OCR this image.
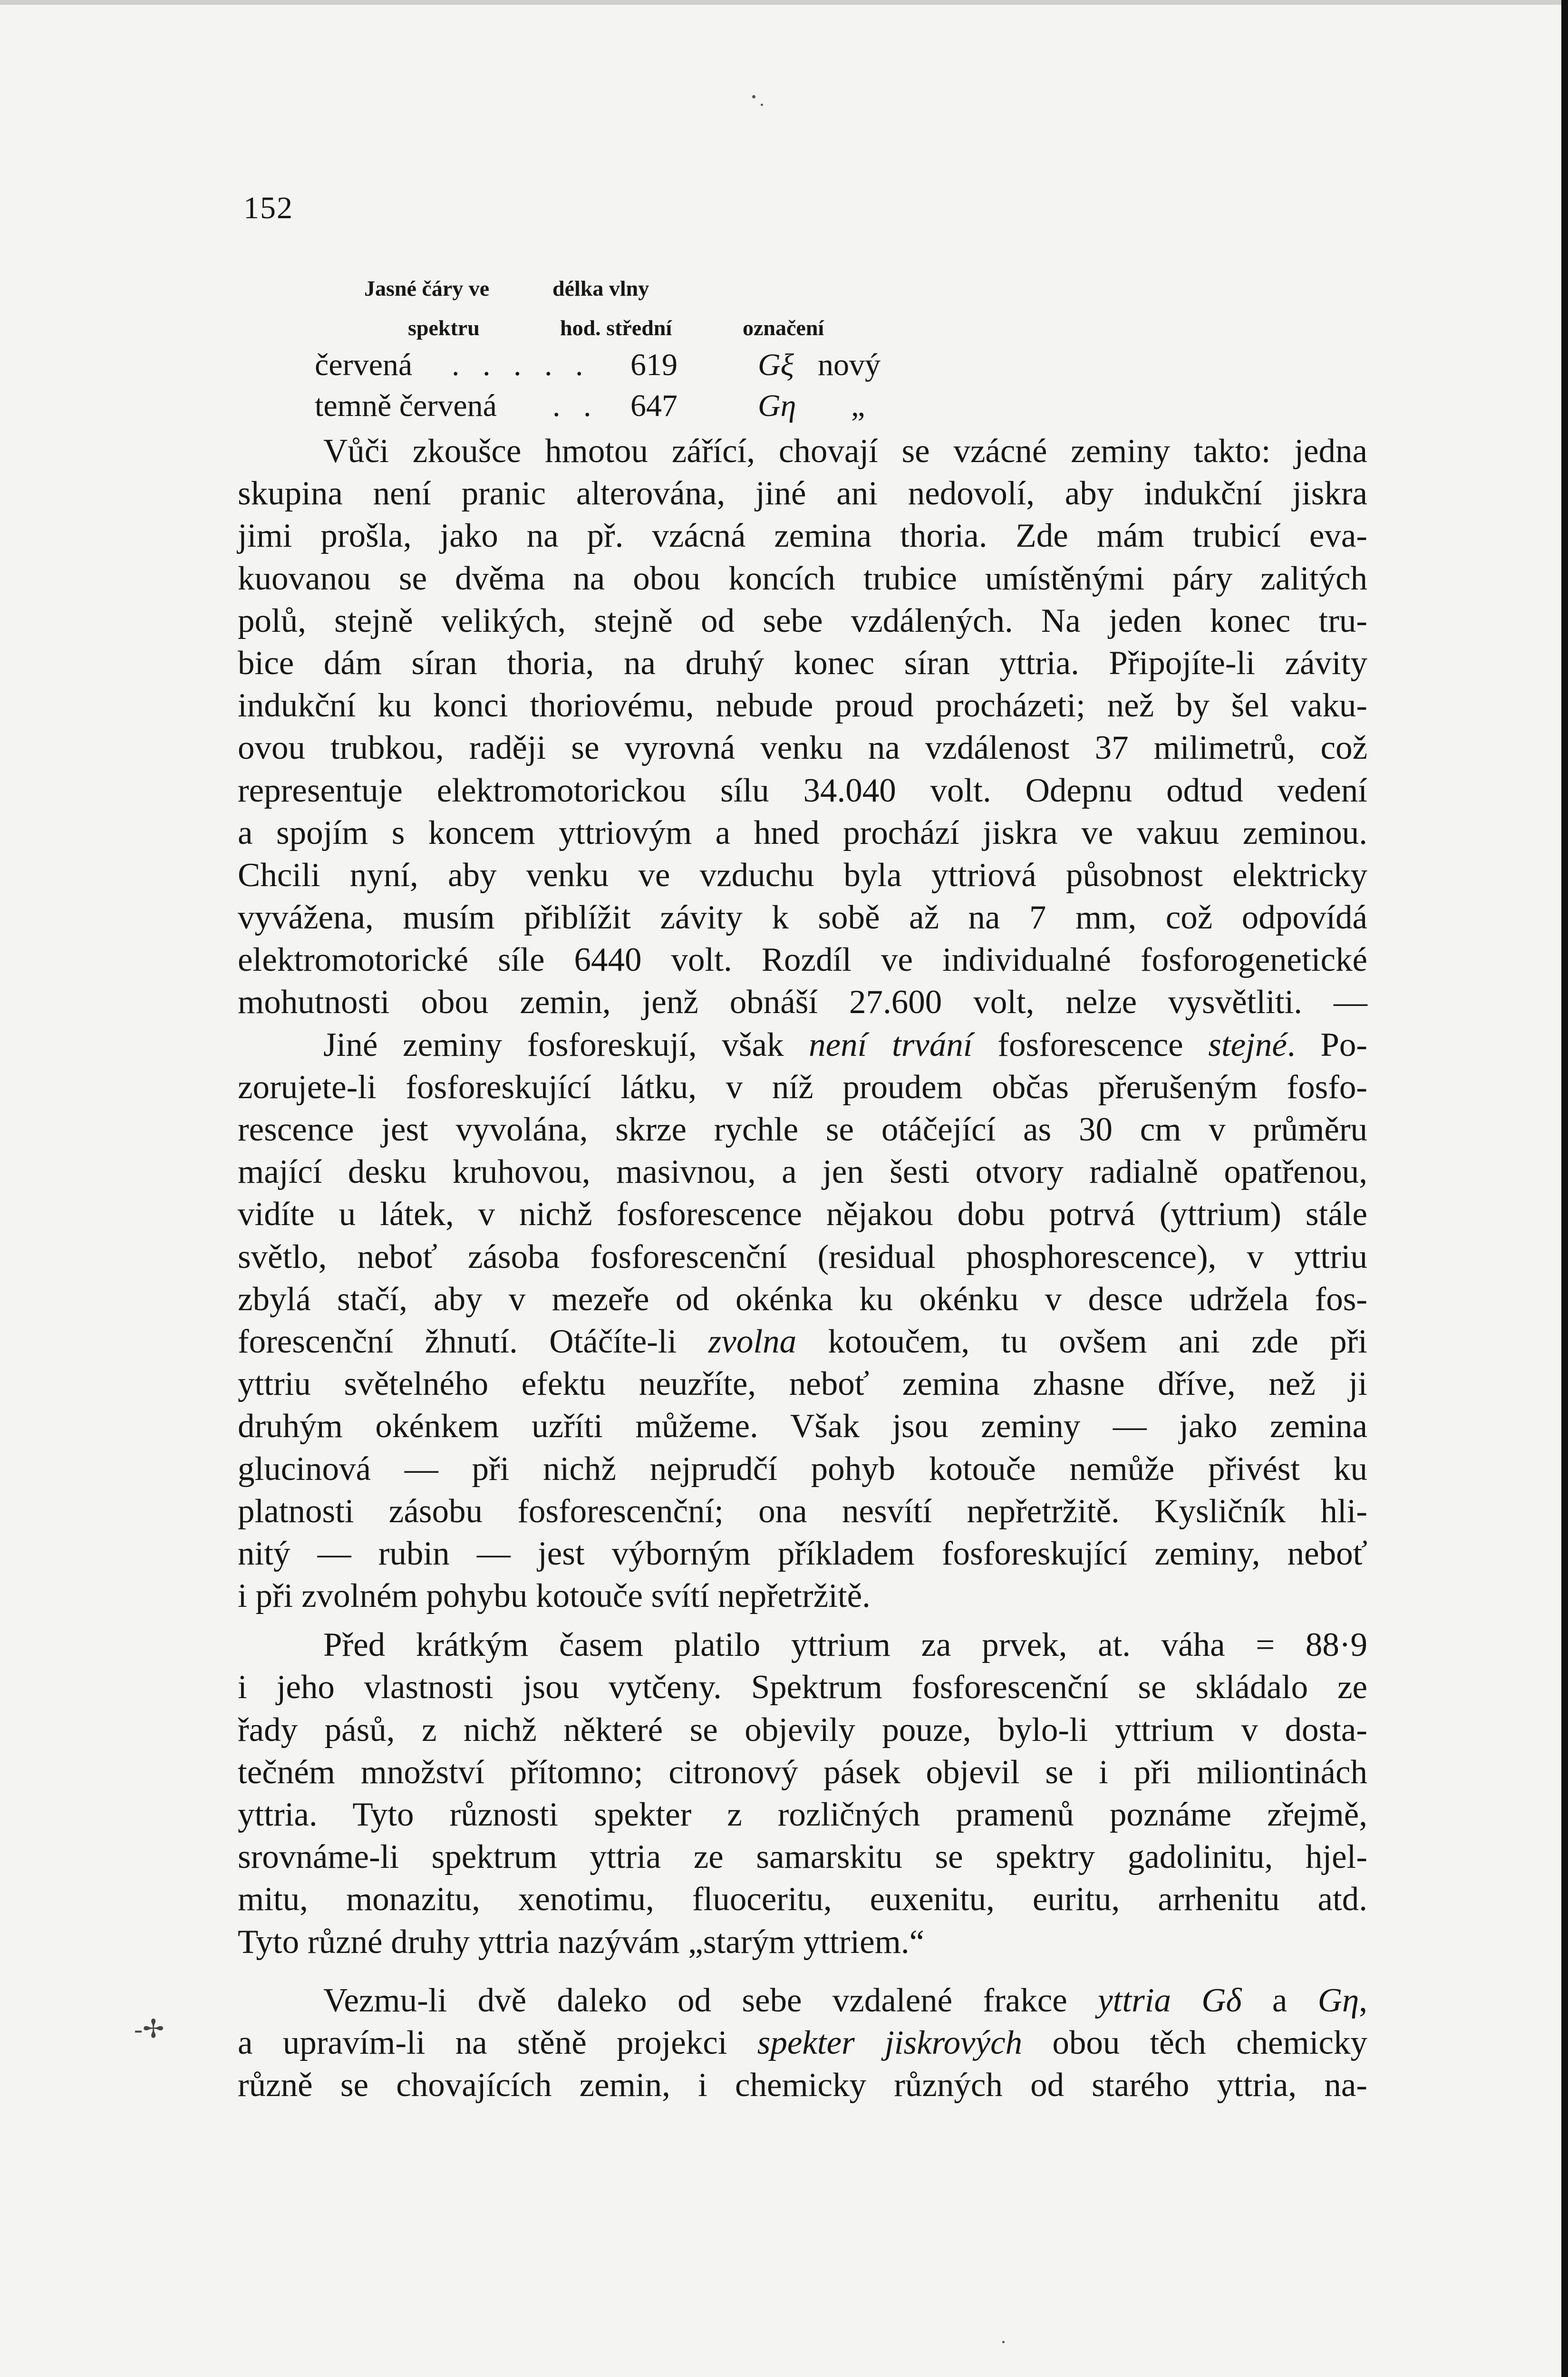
152
Jasné čáry ve	délka vlny
spektru	hod. střední	označení
červená . . . . . 619	Gξ nový
temně červená . . 647	Gη „
Vůči zkoušce hmotou zářící, chovají se vzácné zeminy takto: jedna
skupina není pranic alterována, jiné ani nedovolí, aby indukční jiskra
jimi prošla, jako na př. vzácná zemina thoria. Zde mám trubicí eva-
kuovanou se dvěma na obou koncích trubice umístěnými páry zalitých
polů, stejně velikých, stejně od sebe vzdálených. Na jeden konec tru-
bice dám síran thoria, na druhý konec síran yttria. Připojíte-li závity
indukční ku konci thoriovému, nebude proud procházeti; než by šel vaku-
ovou trubkou, raději se vyrovná venku na vzdálenost 37 milimetrů, což
representuje elektromotorickou sílu 34.040 volt. Odepnu odtud vedení
a spojím s koncem yttriovým a hned prochází jiskra ve vakuu zeminou.
Chcili nyní, aby venku ve vzduchu byla yttriová působnost elektricky
vyvážena, musím přiblížit závity k sobě až na 7 mm, což odpovídá
elektromotorické síle 6440 volt. Rozdíl ve individualné fosforogenetické
mohutnosti obou zemin, jenž obnáší 27.600 volt, nelze vysvětliti. —
Jiné zeminy fosforeskují, však není trvání fosforescence stejné. Po-
zorujete-li fosforeskující látku, v níž proudem občas přerušeným fosfo-
rescence jest vyvolána, skrze rychle se otáčející as 30 cm v průměru
mající desku kruhovou, masivnou, a jen šesti otvory radialně opatřenou,
vidíte u látek, v nichž fosforescence nějakou dobu potrvá (yttrium) stále
světlo, neboť zásoba fosforescenční (residual phosphorescence), v yttriu
zbylá stačí, aby v mezeře od okénka ku okénku v desce udržela fos-
forescenční žhnutí. Otáčíte-li zvolna kotoučem, tu ovšem ani zde při
yttriu světelného efektu neuzříte, neboť zemina zhasne dříve, než ji
druhým okénkem uzříti můžeme. Však jsou zeminy — jako zemina
glucinová — při nichž nejprudčí pohyb kotouče nemůže přivést ku
platnosti zásobu fosforescenční; ona nesvítí nepřetržitě. Kysličník hli-
nitý — rubin — jest výborným příkladem fosforeskující zeminy, neboť
i při zvolném pohybu kotouče svítí nepřetržitě.
Před krátkým časem platilo yttrium za prvek, at. váha = 88·9
i jeho vlastnosti jsou vytčeny. Spektrum fosforescenční se skládalo ze
řady pásů, z nichž některé se objevily pouze, bylo-li yttrium v dosta-
tečném množství přítomno; citronový pásek objevil se i při miliontinách
yttria. Tyto různosti spekter z rozličných pramenů poznáme zřejmě,
srovnáme-li spektrum yttria ze samarskitu se spektry gadolinitu, hjel-
mitu, monazitu, xenotimu, fluoceritu, euxenitu, euritu, arrhenitu atd.
Tyto různé druhy yttria nazývám „starým yttriem.“
Vezmu-li dvě daleko od sebe vzdalené frakce yttria Gδ a Gη,
a upravím-li na stěně projekci spekter jiskrových obou těch chemicky
různě se chovajících zemin, i chemicky různých od starého yttria, na-
-✢
